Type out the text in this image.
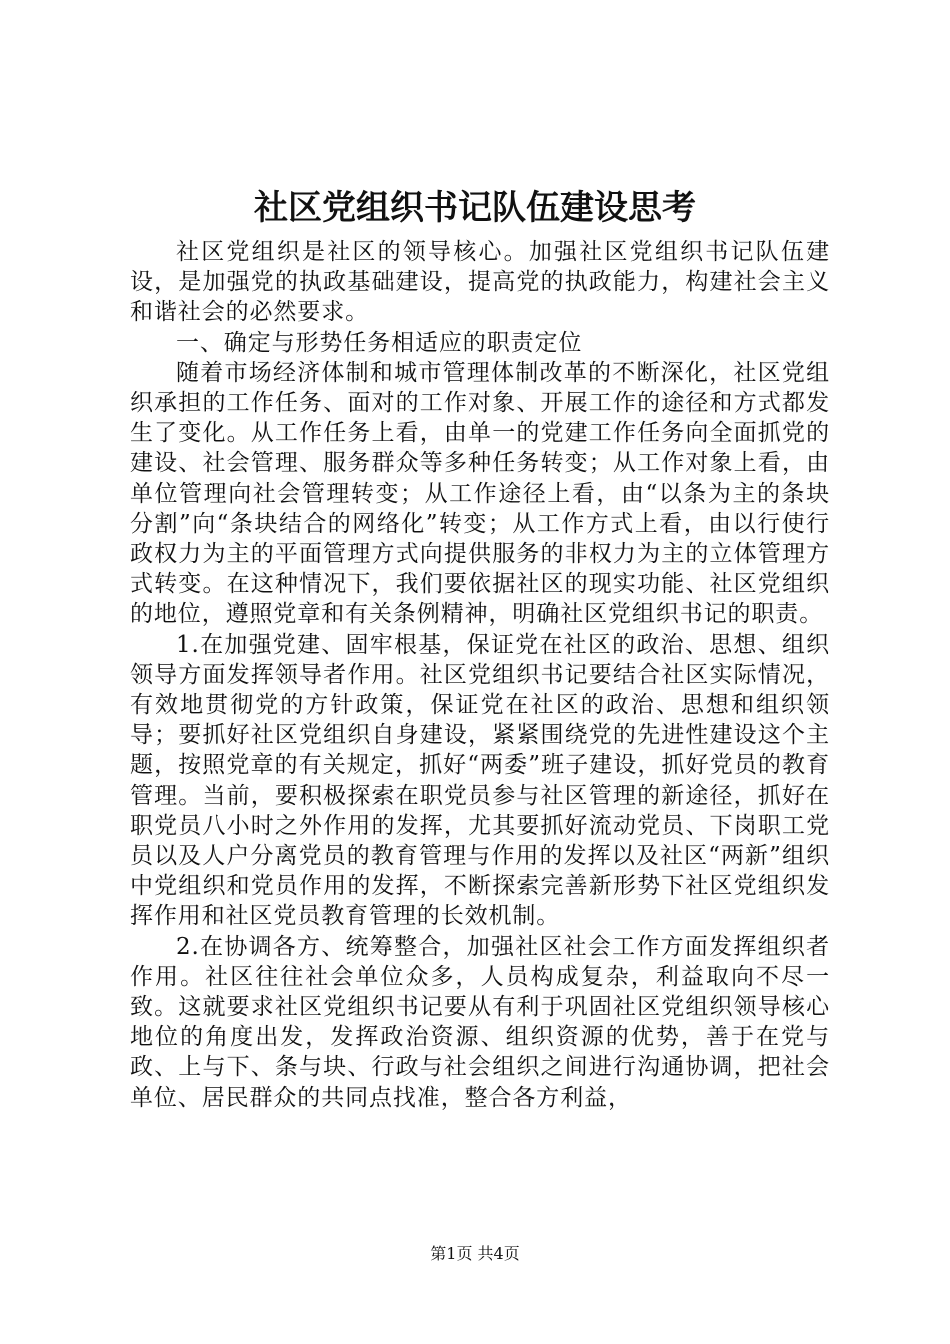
社区党组织书记队伍建设思考

社区党组织是社区的领导核心。加强社区党组织书记队伍建设，是加强党的执政基础建设，提高党的执政能力，构建社会主义和谐社会的必然要求。

一、确定与形势任务相适应的职责定位

随着市场经济体制和城市管理体制改革的不断深化，社区党组织承担的工作任务、面对的工作对象、开展工作的途径和方式都发生了变化。从工作任务上看，由单一的党建工作任务向全面抓党的建设、社会管理、服务群众等多种任务转变；从工作对象上看，由单位管理向社会管理转变；从工作途径上看，由“以条为主的条块分割”向“条块结合的网络化”转变；从工作方式上看，由以行使行政权力为主的平面管理方式向提供服务的非权力为主的立体管理方式转变。在这种情况下，我们要依据社区的现实功能、社区党组织的地位，遵照党章和有关条例精神，明确社区党组织书记的职责。

1.在加强党建、固牢根基，保证党在社区的政治、思想、组织领导方面发挥领导者作用。社区党组织书记要结合社区实际情况，有效地贯彻党的方针政策，保证党在社区的政治、思想和组织领导；要抓好社区党组织自身建设，紧紧围绕党的先进性建设这个主题，按照党章的有关规定，抓好“两委”班子建设，抓好党员的教育管理。当前，要积极探索在职党员参与社区管理的新途径，抓好在职党员八小时之外作用的发挥，尤其要抓好流动党员、下岗职工党员以及人户分离党员的教育管理与作用的发挥以及社区“两新”组织中党组织和党员作用的发挥，不断探索完善新形势下社区党组织发挥作用和社区党员教育管理的长效机制。

2.在协调各方、统筹整合，加强社区社会工作方面发挥组织者作用。社区往往社会单位众多，人员构成复杂，利益取向不尽一致。这就要求社区党组织书记要从有利于巩固社区党组织领导核心地位的角度出发，发挥政治资源、组织资源的优势，善于在党与政、上与下、条与块、行政与社会组织之间进行沟通协调，把社会单位、居民群众的共同点找准，整合各方利益，

第1页 共4页
